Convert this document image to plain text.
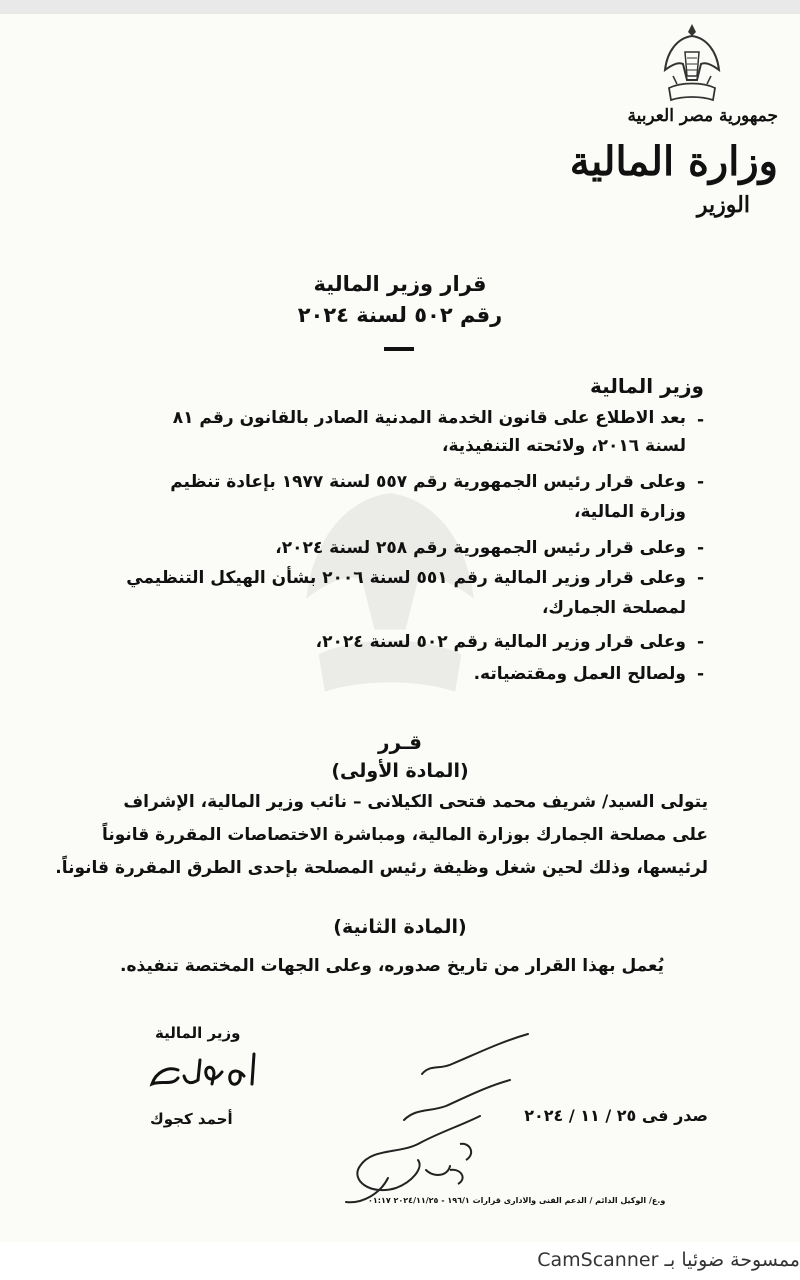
جمهورية مصر العربية
وزارة المالية
الوزير
قرار وزير المالية
رقم ٥٠٢ لسنة ٢٠٢٤
وزير المالية
-
بعد الاطلاع على قانون الخدمة المدنية الصادر بالقانون رقم ٨١
لسنة ٢٠١٦، ولائحته التنفيذية،
-
وعلى قرار رئيس الجمهورية رقم ٥٥٧ لسنة ١٩٧٧ بإعادة تنظيم
وزارة المالية،
-
وعلى قرار رئيس الجمهورية رقم ٢٥٨ لسنة ٢٠٢٤،
-
وعلى قرار وزير المالية رقم ٥٥١ لسنة ٢٠٠٦ بشأن الهيكل التنظيمي
لمصلحة الجمارك،
-
وعلى قرار وزير المالية رقم ٥٠٢ لسنة ٢٠٢٤،
-
ولصالح العمل ومقتضياته.
قـرر
(المادة الأولى)
يتولى السيد/ شريف محمد فتحى الكيلانى – نائب وزير المالية، الإشراف
على مصلحة الجمارك بوزارة المالية، ومباشرة الاختصاصات المقررة قانوناً
لرئيسها، وذلك لحين شغل وظيفة رئيس المصلحة بإحدى الطرق المقررة قانوناً.
(المادة الثانية)
يُعمل بهذا القرار من تاريخ صدوره، وعلى الجهات المختصة تنفيذه.
وزير المالية
أحمد كجوك	صدر فى ٢٥ / ١١ / ٢٠٢٤
و.ع/ الوكيل الدائم / الدعم الفنى والادارى قرارات ١٩٦/١ - ٢٠٢٤/١١/٢٥ ٠١:١٧
ممسوحة ضوئيا بـ CamScanner
